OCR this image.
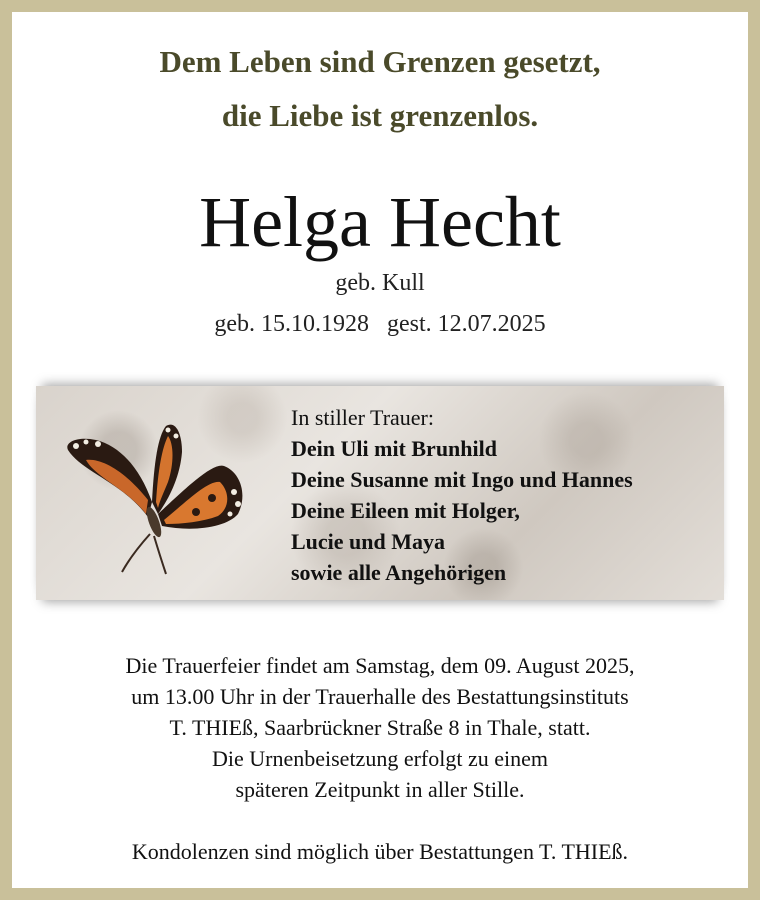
Dem Leben sind Grenzen gesetzt,
die Liebe ist grenzenlos.
Helga Hecht
geb. Kull
geb. 15.10.1928   gest. 12.07.2025
In stiller Trauer:
Dein Uli mit Brunhild
Deine Susanne mit Ingo und Hannes
Deine Eileen mit Holger,
Lucie und Maya
sowie alle Angehörigen
Die Trauerfeier findet am Samstag, dem 09. August 2025,
um 13.00 Uhr in der Trauerhalle des Bestattungsinstituts
T. THIEß, Saarbrückner Straße 8 in Thale, statt.
Die Urnenbeisetzung erfolgt zu einem
späteren Zeitpunkt in aller Stille.
Kondolenzen sind möglich über Bestattungen T. THIEß.
